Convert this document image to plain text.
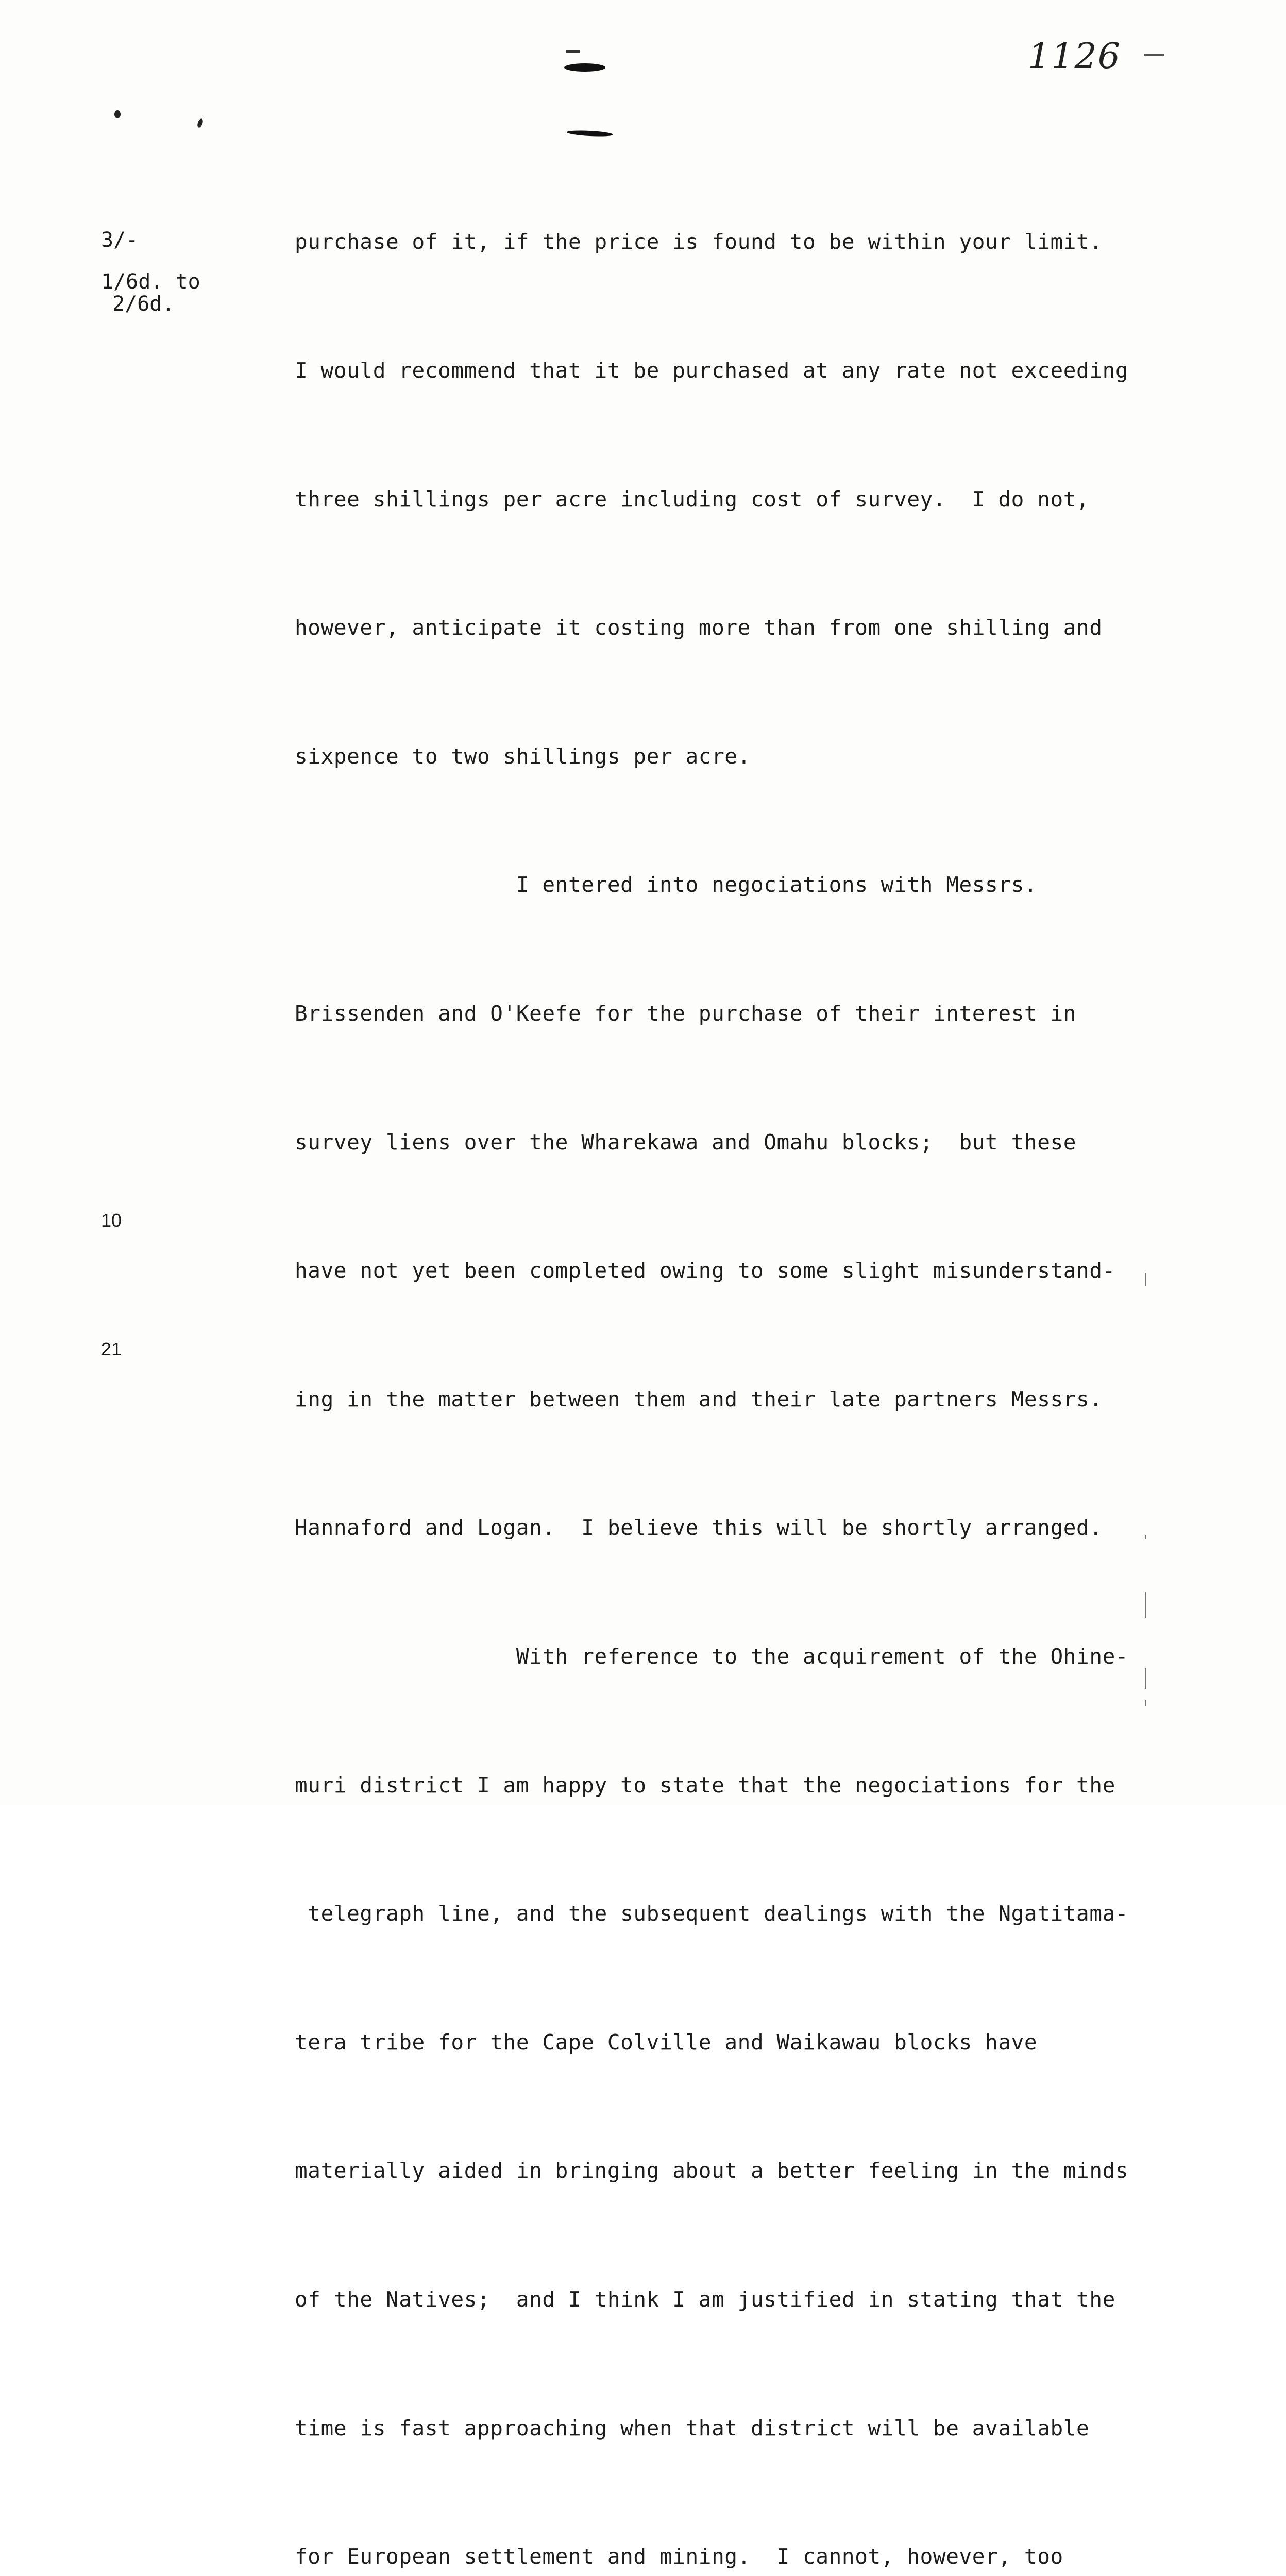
1126
3/-
1/6d. to
2/6d.
10
21

purchase of it, if the price is found to be within your limit.

I would recommend that it be purchased at any rate not exceeding

three shillings per acre including cost of survey.  I do not,

however, anticipate it costing more than from one shilling and

sixpence to two shillings per acre.

I entered into negociations with Messrs.

Brissenden and O'Keefe for the purchase of their interest in

survey liens over the Wharekawa and Omahu blocks;  but these

have not yet been completed owing to some slight misunderstand-

ing in the matter between them and their late partners Messrs.

Hannaford and Logan.  I believe this will be shortly arranged.

With reference to the acquirement of the Ohine-

muri district I am happy to state that the negociations for the

telegraph line, and the subsequent dealings with the Ngatitama-

tera tribe for the Cape Colville and Waikawau blocks have

materially aided in bringing about a better feeling in the minds

of the Natives;  and I think I am justified in stating that the

time is fast approaching when that district will be available

for European settlement and mining.  I cannot, however, too
